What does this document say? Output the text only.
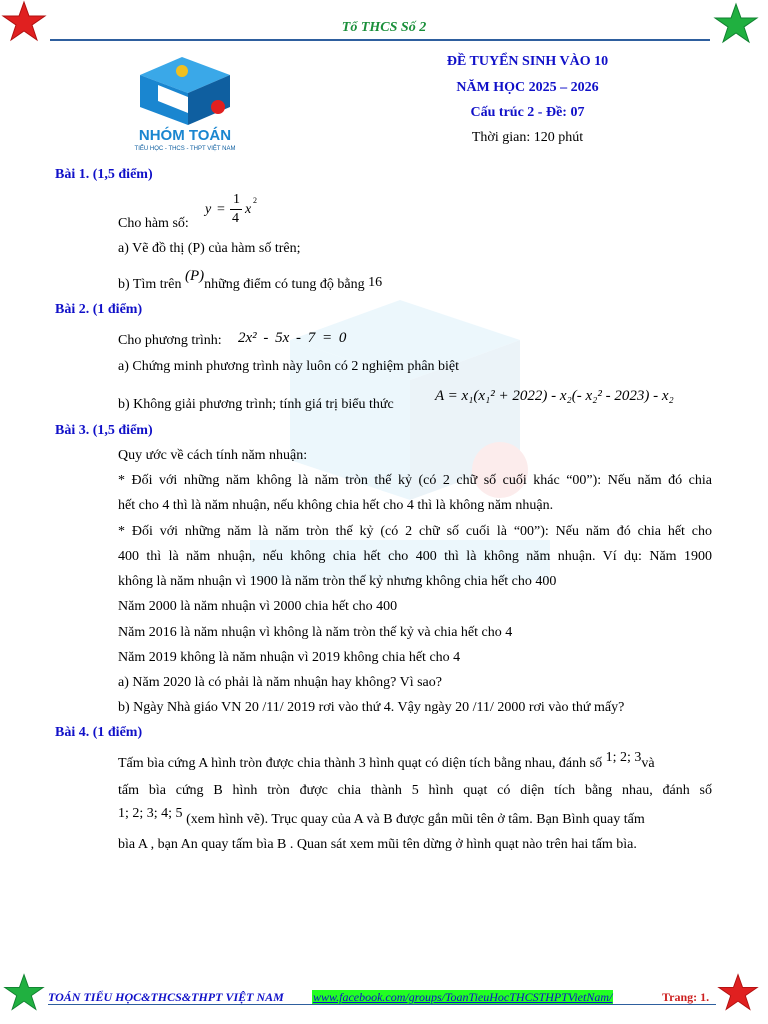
Tổ THCS Số 2
NHÓM TOÁN
TIỂU HỌC - THCS - THPT VIỆT NAM
ĐỀ TUYỂN SINH VÀO 10
NĂM HỌC 2025 – 2026
Cấu trúc 2 - Đề: 07
Thời gian: 120 phút
Bài 1. (1,5 điểm)
Cho hàm số:
y =
1
4
x
2
a) Vẽ đồ thị (P) của hàm số trên;
b) Tìm trên (P)những điểm có tung độ bằng 16
Bài 2. (1 điểm)
Cho phương trình: 2x² - 5x - 7 = 0
a) Chứng minh phương trình này luôn có 2 nghiệm phân biệt
b) Không giải phương trình; tính giá trị biểu thức
A = x₁(x₁² + 2022) - x₂(- x₂² - 2023) - x₂
Bài 3. (1,5 điểm)
Quy ước về cách tính năm nhuận:
* Đối với những năm không là năm tròn thế kỷ (có 2 chữ số cuối khác “00”): Nếu năm đó chia
hết cho 4 thì là năm nhuận, nếu không chia hết cho 4 thì là không năm nhuận.
* Đối với những năm là năm tròn thế kỷ (có 2 chữ số cuối là “00”): Nếu năm đó chia hết cho
400 thì là năm nhuận, nếu không chia hết cho 400 thì là không năm nhuận. Ví dụ: Năm 1900
không là năm nhuận vì 1900 là năm tròn thế kỷ nhưng không chia hết cho 400
Năm 2000 là năm nhuận vì 2000 chia hết cho 400
Năm 2016 là năm nhuận vì không là năm tròn thế kỷ và chia hết cho 4
Năm 2019 không là năm nhuận vì 2019 không chia hết cho 4
a) Năm 2020 là có phải là năm nhuận hay không? Vì sao?
b) Ngày Nhà giáo VN 20 /11/ 2019 rơi vào thứ 4. Vậy ngày 20 /11/ 2000 rơi vào thứ mấy?
Bài 4. (1 điểm)
Tấm bìa cứng A hình tròn được chia thành 3 hình quạt có diện tích bằng nhau, đánh số 1; 2; 3và
tấm bìa cứng B hình tròn được chia thành 5 hình quạt có diện tích bằng nhau, đánh số
1; 2; 3; 4; 5 (xem hình vẽ). Trục quay của A và B được gắn mũi tên ở tâm. Bạn Bình quay tấm
bìa A , bạn An quay tấm bìa B . Quan sát xem mũi tên dừng ở hình quạt nào trên hai tấm bìa.
TOÁN TIỂU HỌC&THCS&THPT VIỆT NAM www.facebook.com/groups/ToanTieuHocTHCSTHPTVietNam/	Trang: 1.
